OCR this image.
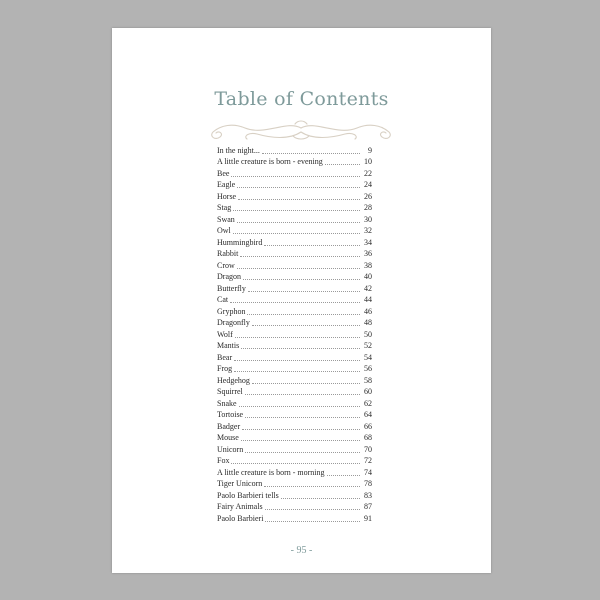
Table of Contents
In the night...	9
A little creature is born - evening	10
Bee	22
Eagle	24
Horse	26
Stag	28
Swan	30
Owl	32
Hummingbird	34
Rabbit	36
Crow	38
Dragon	40
Butterfly	42
Cat	44
Gryphon	46
Dragonfly	48
Wolf	50
Mantis	52
Bear	54
Frog	56
Hedgehog	58
Squirrel	60
Snake	62
Tortoise	64
Badger	66
Mouse	68
Unicorn	70
Fox	72
A little creature is born - morning	74
Tiger Unicorn	78
Paolo Barbieri tells	83
Fairy Animals	87
Paolo Barbieri	91
- 95 -
